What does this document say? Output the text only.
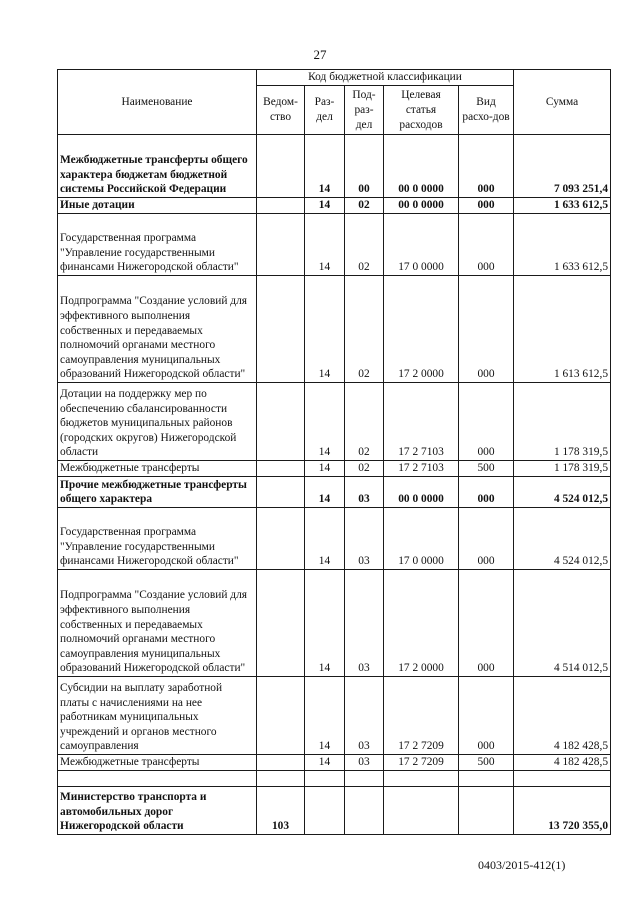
27
Наименование	Код бюджетной классификации					Сумма
	Ведом-ство	Раз-дел	Под-раз-дел	Целевая статья расходов	Вид расхо-дов	
Межбюджетные трансферты общего характера бюджетам бюджетной системы Российской Федерации		14	00	00 0 0000	000	7 093 251,4
Иные дотации		14	02	00 0 0000	000	1 633 612,5
Государственная программа "Управление государственными финансами Нижегородской области"		14	02	17 0 0000	000	1 633 612,5
Подпрограмма "Создание условий для эффективного выполнения собственных и передаваемых полномочий органами местного самоуправления муниципальных образований Нижегородской области"		14	02	17 2 0000	000	1 613 612,5
Дотации на поддержку мер по обеспечению сбалансированности бюджетов муниципальных районов (городских округов) Нижегородской области		14	02	17 2 7103	000	1 178 319,5
Межбюджетные трансферты		14	02	17 2 7103	500	1 178 319,5
Прочие межбюджетные трансферты общего характера		14	03	00 0 0000	000	4 524 012,5
Государственная программа "Управление государственными финансами Нижегородской области"		14	03	17 0 0000	000	4 524 012,5
Подпрограмма "Создание условий для эффективного выполнения собственных и передаваемых полномочий органами местного самоуправления муниципальных образований Нижегородской области"		14	03	17 2 0000	000	4 514 012,5
Субсидии на выплату заработной платы с начислениями на нее работникам муниципальных учреждений и органов местного самоуправления		14	03	17 2 7209	000	4 182 428,5
Межбюджетные трансферты		14	03	17 2 7209	500	4 182 428,5

Министерство транспорта и автомобильных дорог Нижегородской области	103					13 720 355,0
0403/2015-412(1)
